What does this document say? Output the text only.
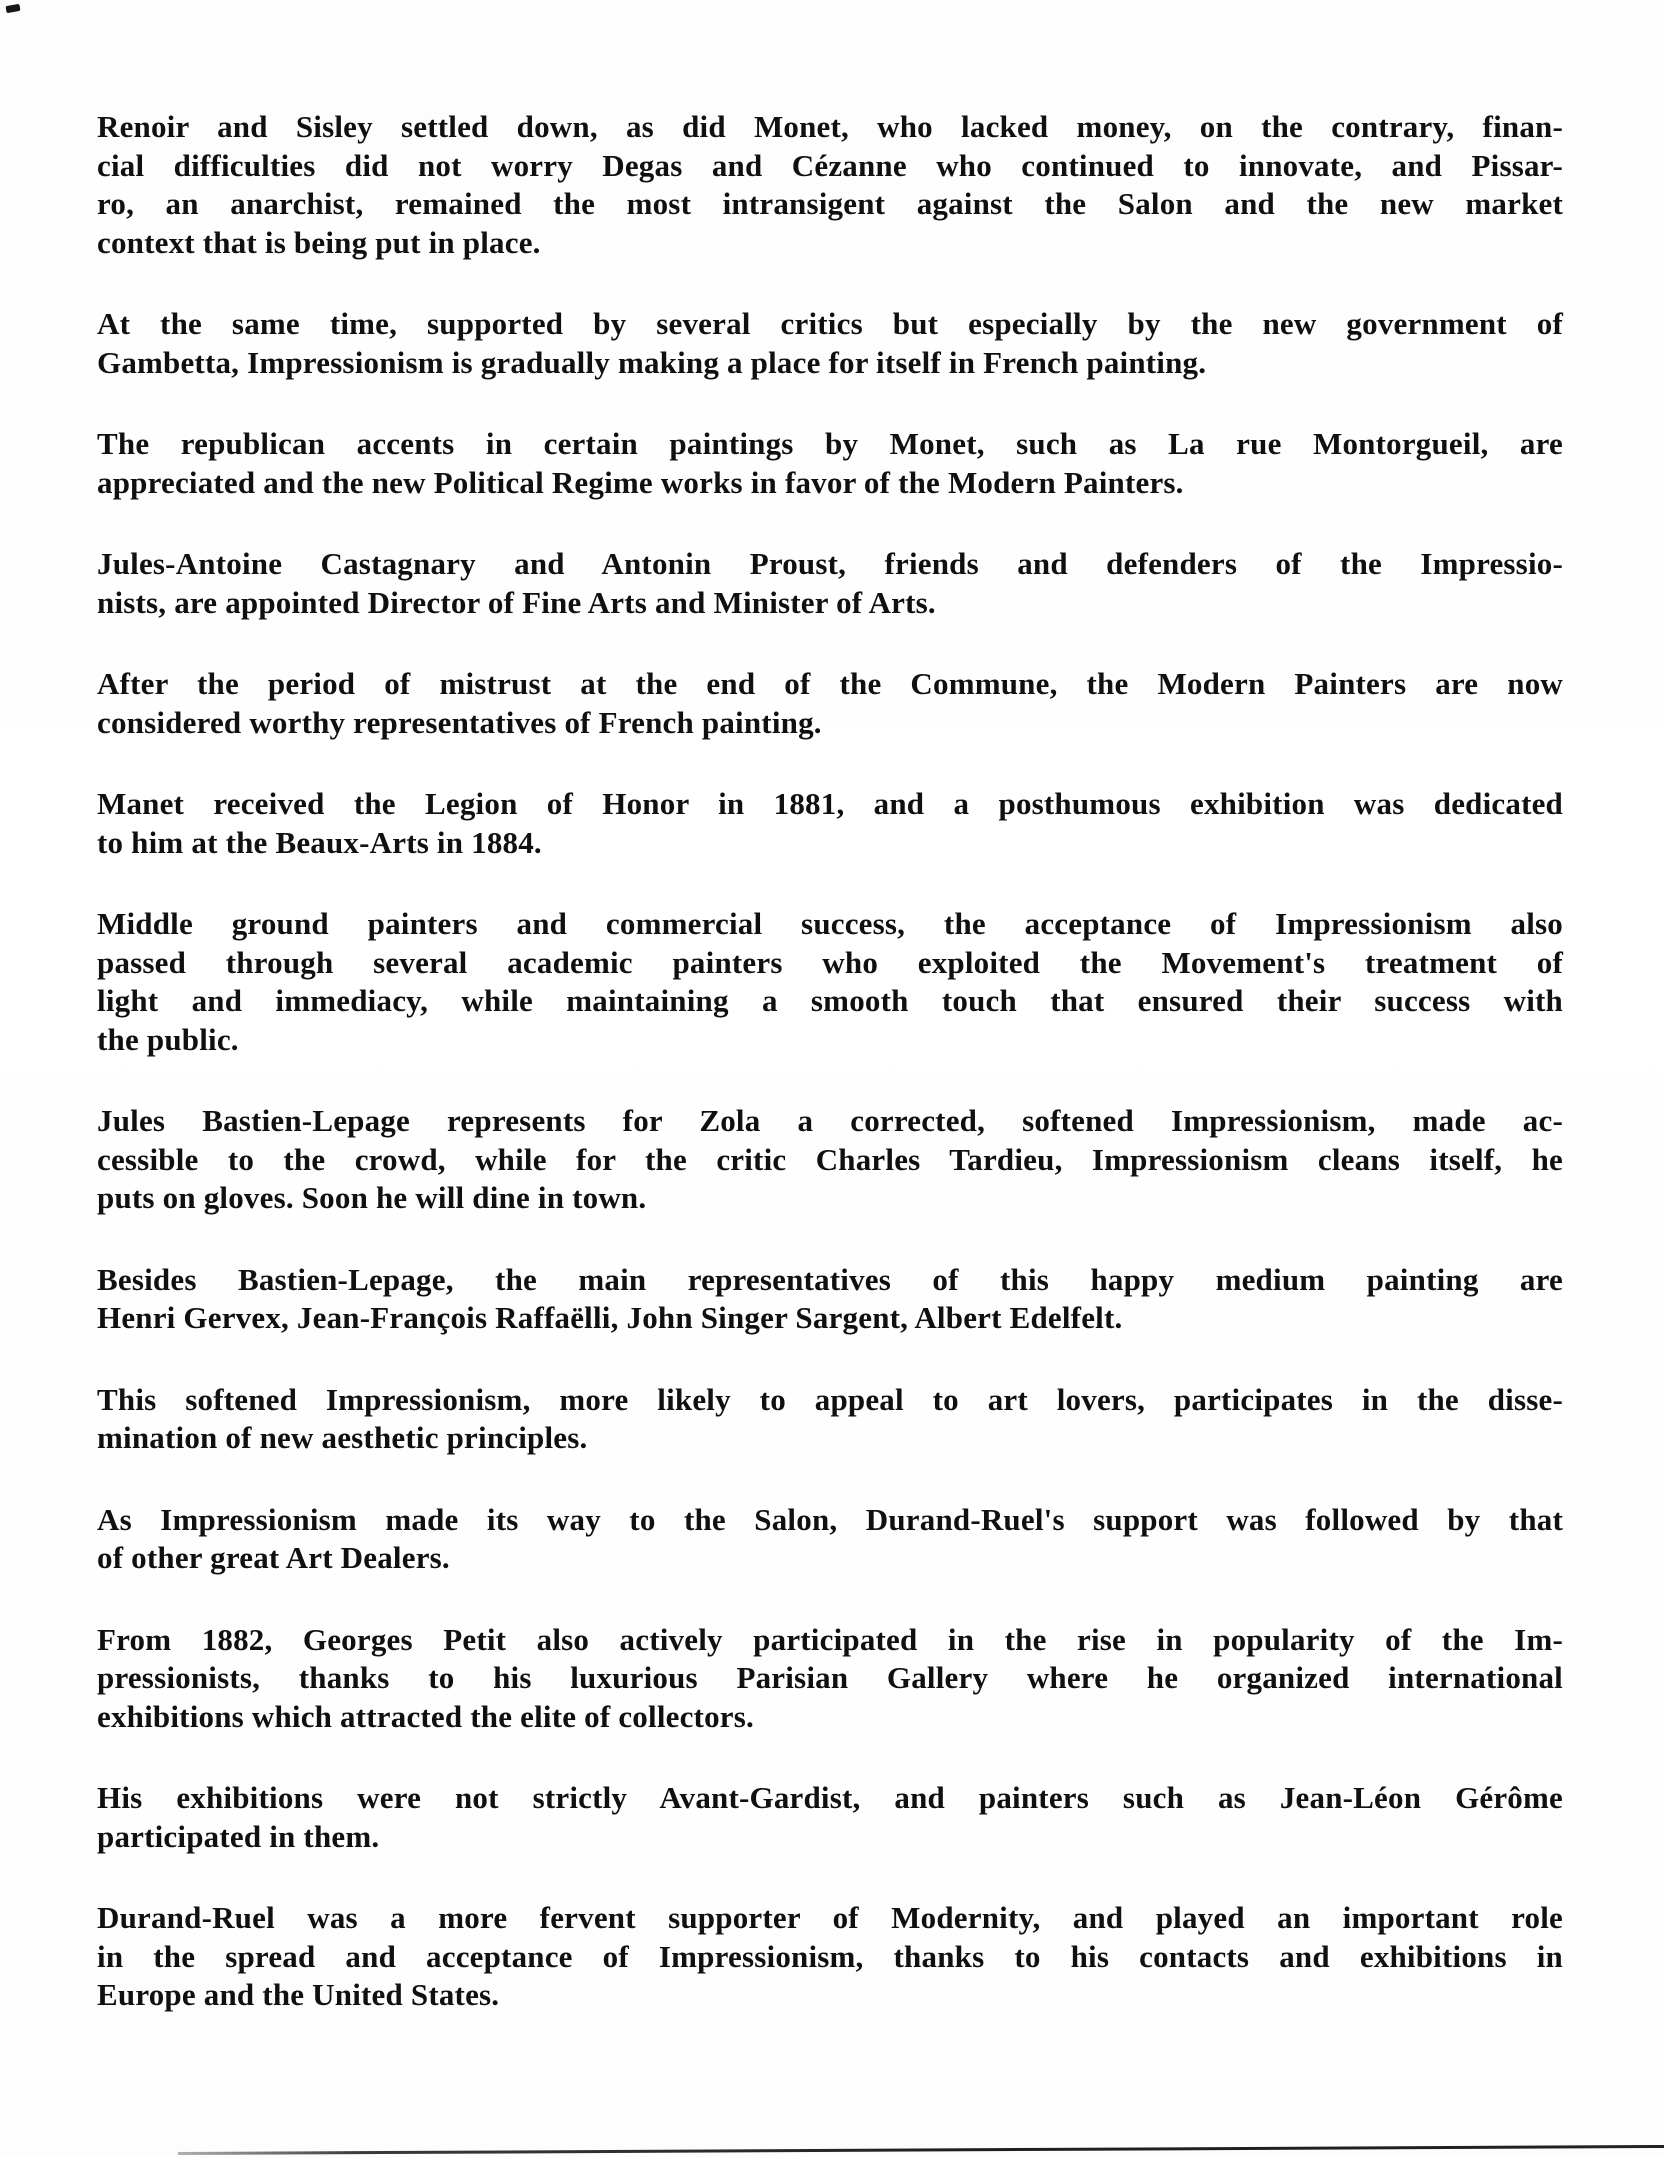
Renoir and Sisley settled down, as did Monet, who lacked money, on the contrary, finan-
cial difficulties did not worry Degas and Cézanne who continued to innovate, and Pissar-
ro, an anarchist, remained the most intransigent against the Salon and the new market
context that is being put in place.
At the same time, supported by several critics but especially by the new government of
Gambetta, Impressionism is gradually making a place for itself in French painting.
The republican accents in certain paintings by Monet, such as La rue Montorgueil, are
appreciated and the new Political Regime works in favor of the Modern Painters.
Jules-Antoine Castagnary and Antonin Proust, friends and defenders of the Impressio-
nists, are appointed Director of Fine Arts and Minister of Arts.
After the period of mistrust at the end of the Commune, the Modern Painters are now
considered worthy representatives of French painting.
Manet received the Legion of Honor in 1881, and a posthumous exhibition was dedicated
to him at the Beaux-Arts in 1884.
Middle ground painters and commercial success, the acceptance of Impressionism also
passed through several academic painters who exploited the Movement's treatment of
light and immediacy, while maintaining a smooth touch that ensured their success with
the public.
Jules Bastien-Lepage represents for Zola a corrected, softened Impressionism, made ac-
cessible to the crowd, while for the critic Charles Tardieu, Impressionism cleans itself, he
puts on gloves. Soon he will dine in town.
Besides Bastien-Lepage, the main representatives of this happy medium painting are
Henri Gervex, Jean-François Raffaëlli, John Singer Sargent, Albert Edelfelt.
This softened Impressionism, more likely to appeal to art lovers, participates in the disse-
mination of new aesthetic principles.
As Impressionism made its way to the Salon, Durand-Ruel's support was followed by that
of other great Art Dealers.
From 1882, Georges Petit also actively participated in the rise in popularity of the Im-
pressionists, thanks to his luxurious Parisian Gallery where he organized international
exhibitions which attracted the elite of collectors.
His exhibitions were not strictly Avant-Gardist, and painters such as Jean-Léon Gérôme
participated in them.
Durand-Ruel was a more fervent supporter of Modernity, and played an important role
in the spread and acceptance of Impressionism, thanks to his contacts and exhibitions in
Europe and the United States.
